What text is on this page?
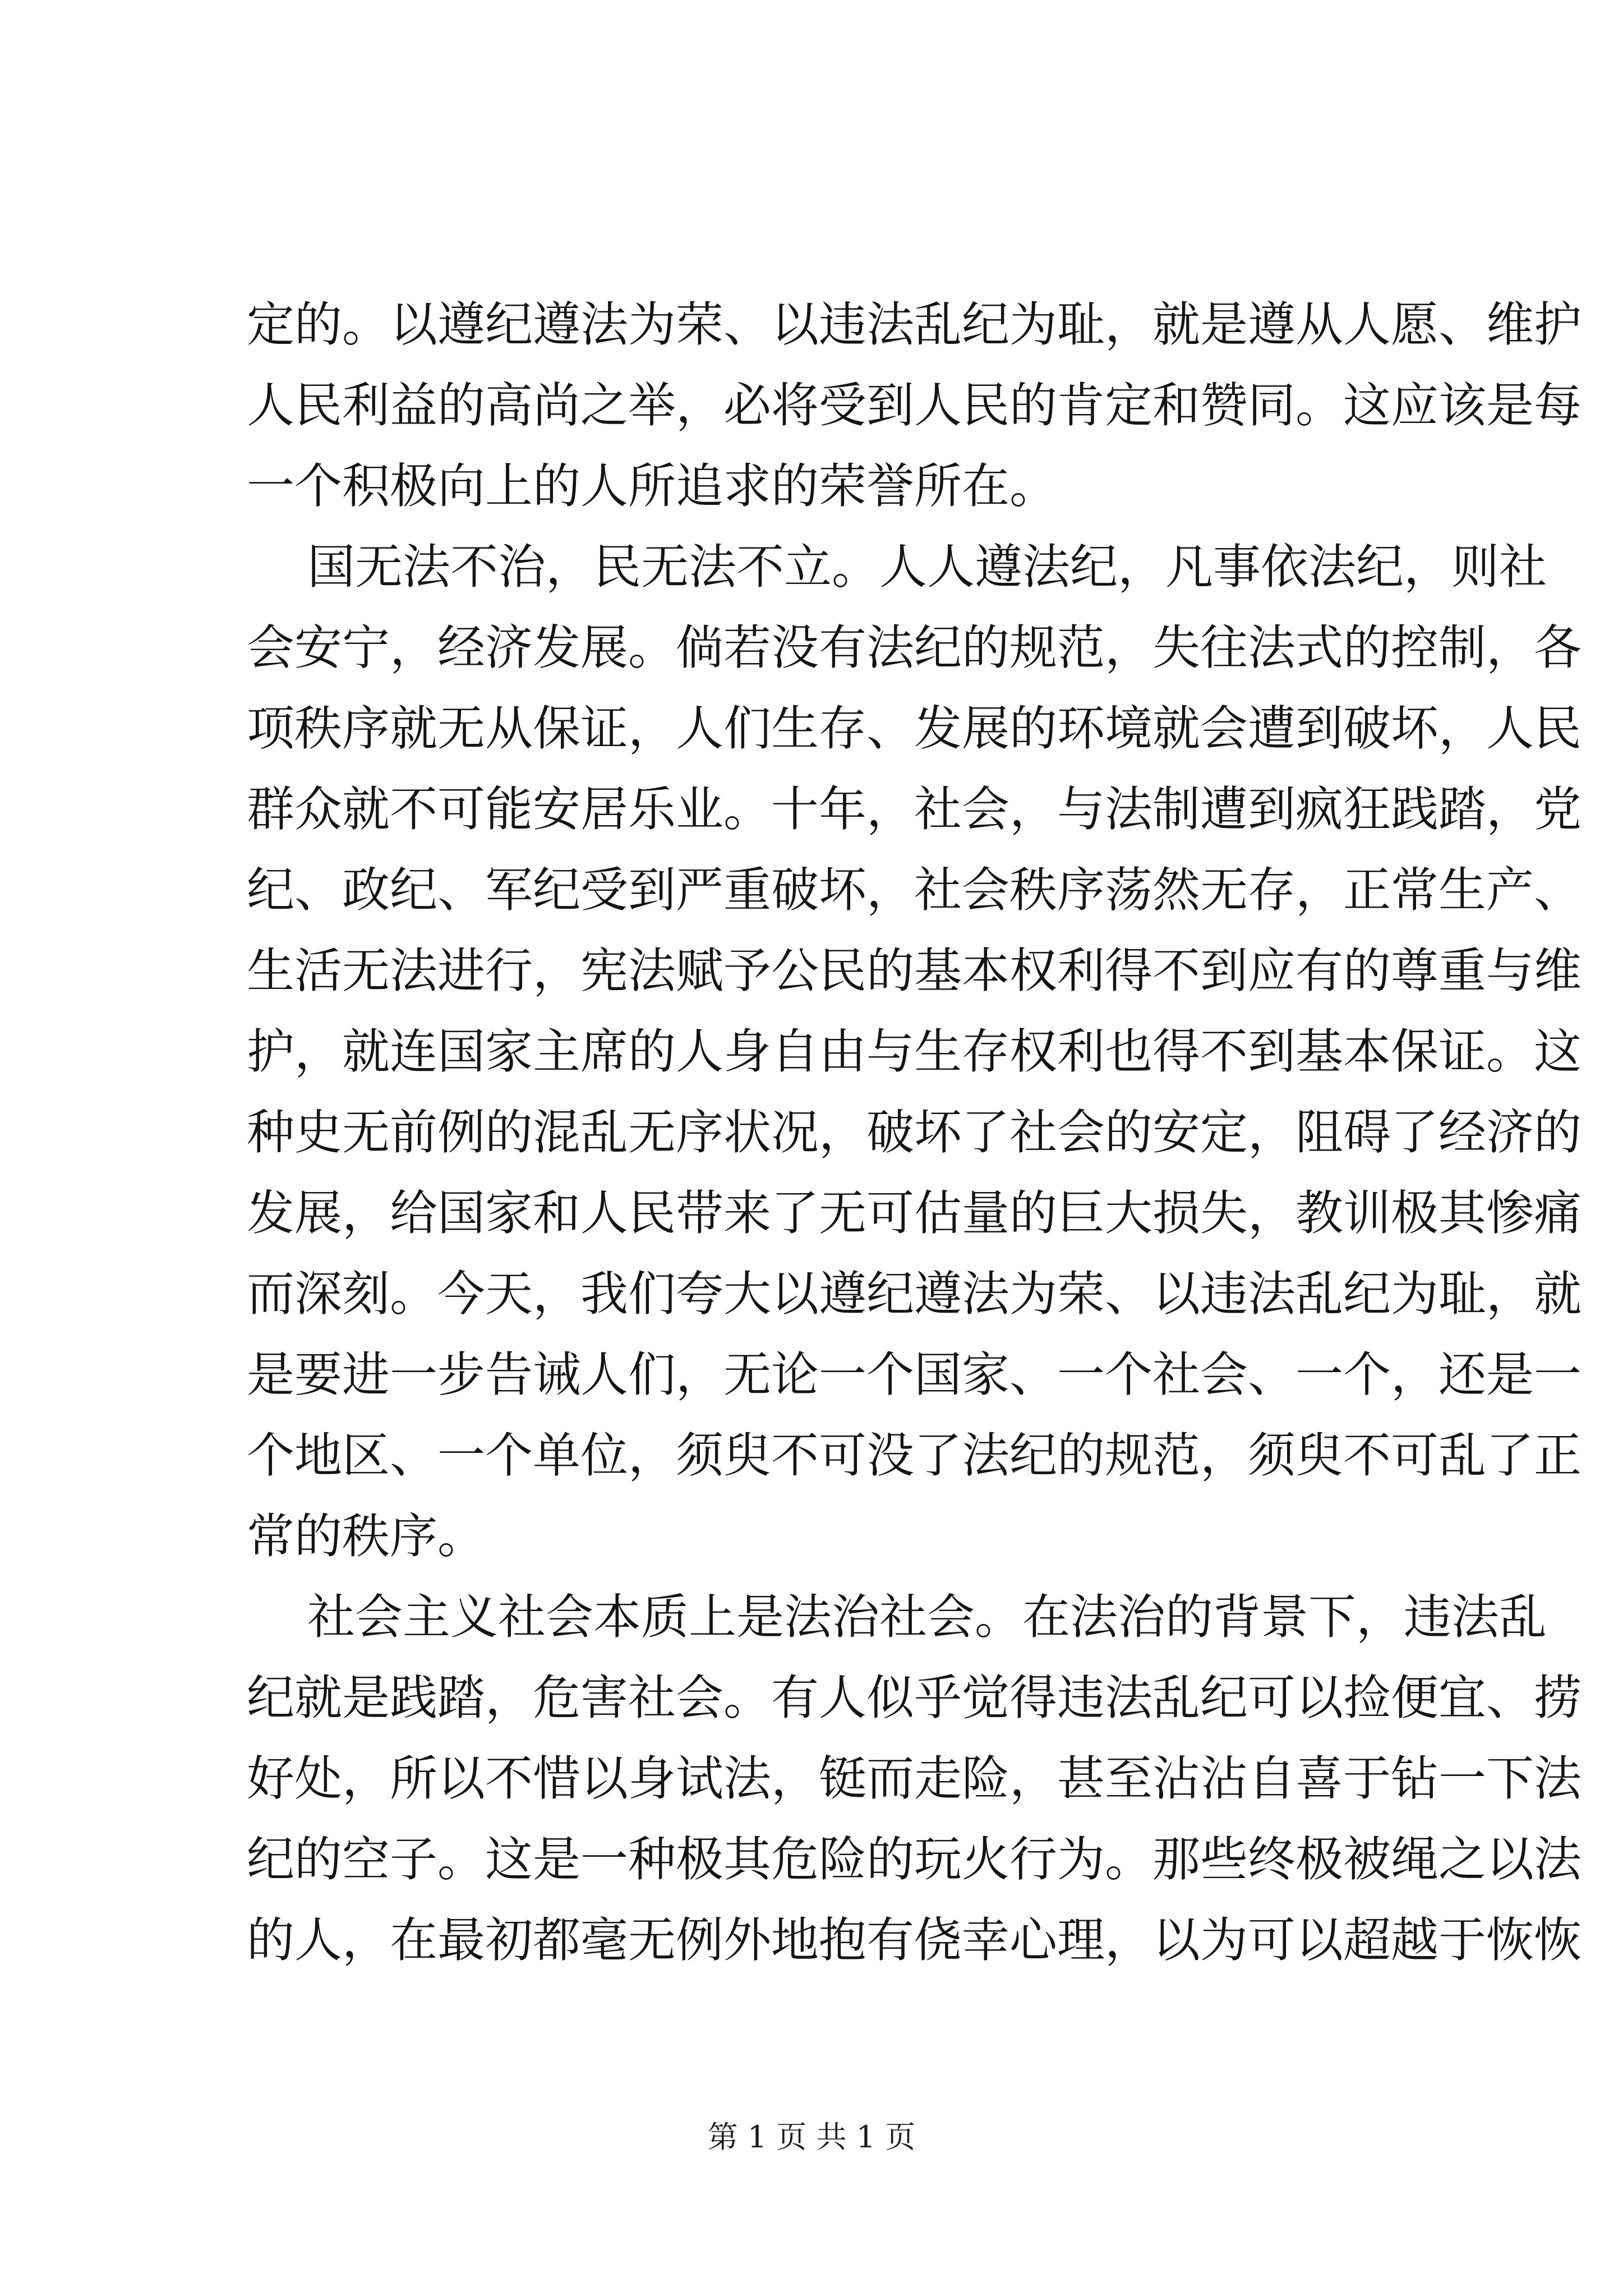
定的。以遵纪遵法为荣、以违法乱纪为耻，就是遵从人愿、维护
人民利益的高尚之举，必将受到人民的肯定和赞同。这应该是每
一个积极向上的人所追求的荣誉所在。
国无法不治，民无法不立。人人遵法纪，凡事依法纪，则社
会安宁，经济发展。倘若没有法纪的规范，失往法式的控制，各
项秩序就无从保证，人们生存、发展的环境就会遭到破坏，人民
群众就不可能安居乐业。十年，社会，与法制遭到疯狂践踏，党
纪、政纪、军纪受到严重破坏，社会秩序荡然无存，正常生产、
生活无法进行，宪法赋予公民的基本权利得不到应有的尊重与维
护，就连国家主席的人身自由与生存权利也得不到基本保证。这
种史无前例的混乱无序状况，破坏了社会的安定，阻碍了经济的
发展，给国家和人民带来了无可估量的巨大损失，教训极其惨痛
而深刻。今天，我们夸大以遵纪遵法为荣、以违法乱纪为耻，就
是要进一步告诫人们，无论一个国家、一个社会、一个，还是一
个地区、一个单位，须臾不可没了法纪的规范，须臾不可乱了正
常的秩序。
社会主义社会本质上是法治社会。在法治的背景下，违法乱
纪就是践踏，危害社会。有人似乎觉得违法乱纪可以捡便宜、捞
好处，所以不惜以身试法，铤而走险，甚至沾沾自喜于钻一下法
纪的空子。这是一种极其危险的玩火行为。那些终极被绳之以法
的人，在最初都毫无例外地抱有侥幸心理，以为可以超越于恢恢
第 1 页 共 1 页
